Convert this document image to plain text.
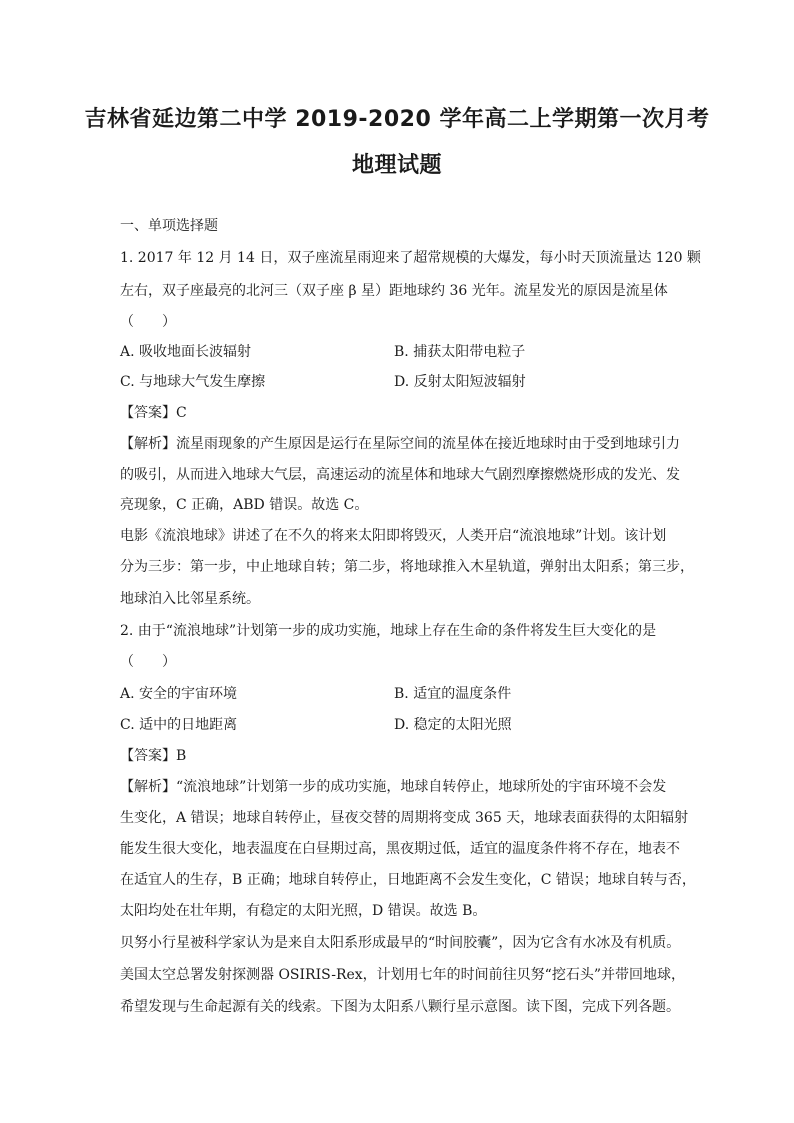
吉林省延边第二中学 2019-2020 学年高二上学期第一次月考
地理试题
一、单项选择题
1. 2017 年 12 月 14 日，双子座流星雨迎来了超常规模的大爆发，每小时天顶流量达 120 颗
左右，双子座最亮的北河三（双子座 β 星）距地球约 36 光年。流星发光的原因是流星体
（　　）
A. 吸收地面长波辐射	B. 捕获太阳带电粒子
C. 与地球大气发生摩擦	D. 反射太阳短波辐射
【答案】C
【解析】流星雨现象的产生原因是运行在星际空间的流星体在接近地球时由于受到地球引力
的吸引，从而进入地球大气层，高速运动的流星体和地球大气剧烈摩擦燃烧形成的发光、发
亮现象，C 正确，ABD 错误。故选 C。
电影《流浪地球》讲述了在不久的将来太阳即将毁灭，人类开启“流浪地球”计划。该计划
分为三步：第一步，中止地球自转；第二步，将地球推入木星轨道，弹射出太阳系；第三步，
地球泊入比邻星系统。
2. 由于“流浪地球”计划第一步的成功实施，地球上存在生命的条件将发生巨大变化的是
（　　）
A. 安全的宇宙环境	B. 适宜的温度条件
C. 适中的日地距离	D. 稳定的太阳光照
【答案】B
【解析】“流浪地球”计划第一步的成功实施，地球自转停止，地球所处的宇宙环境不会发
生变化，A 错误；地球自转停止，昼夜交替的周期将变成 365 天，地球表面获得的太阳辐射
能发生很大变化，地表温度在白昼期过高，黑夜期过低，适宜的温度条件将不存在，地表不
在适宜人的生存，B 正确；地球自转停止，日地距离不会发生变化，C 错误；地球自转与否，
太阳均处在壮年期，有稳定的太阳光照，D 错误。故选 B。
贝努小行星被科学家认为是来自太阳系形成最早的“时间胶囊”，因为它含有水冰及有机质。
美国太空总署发射探测器 OSIRIS-Rex，计划用七年的时间前往贝努“挖石头”并带回地球，
希望发现与生命起源有关的线索。下图为太阳系八颗行星示意图。读下图，完成下列各题。
